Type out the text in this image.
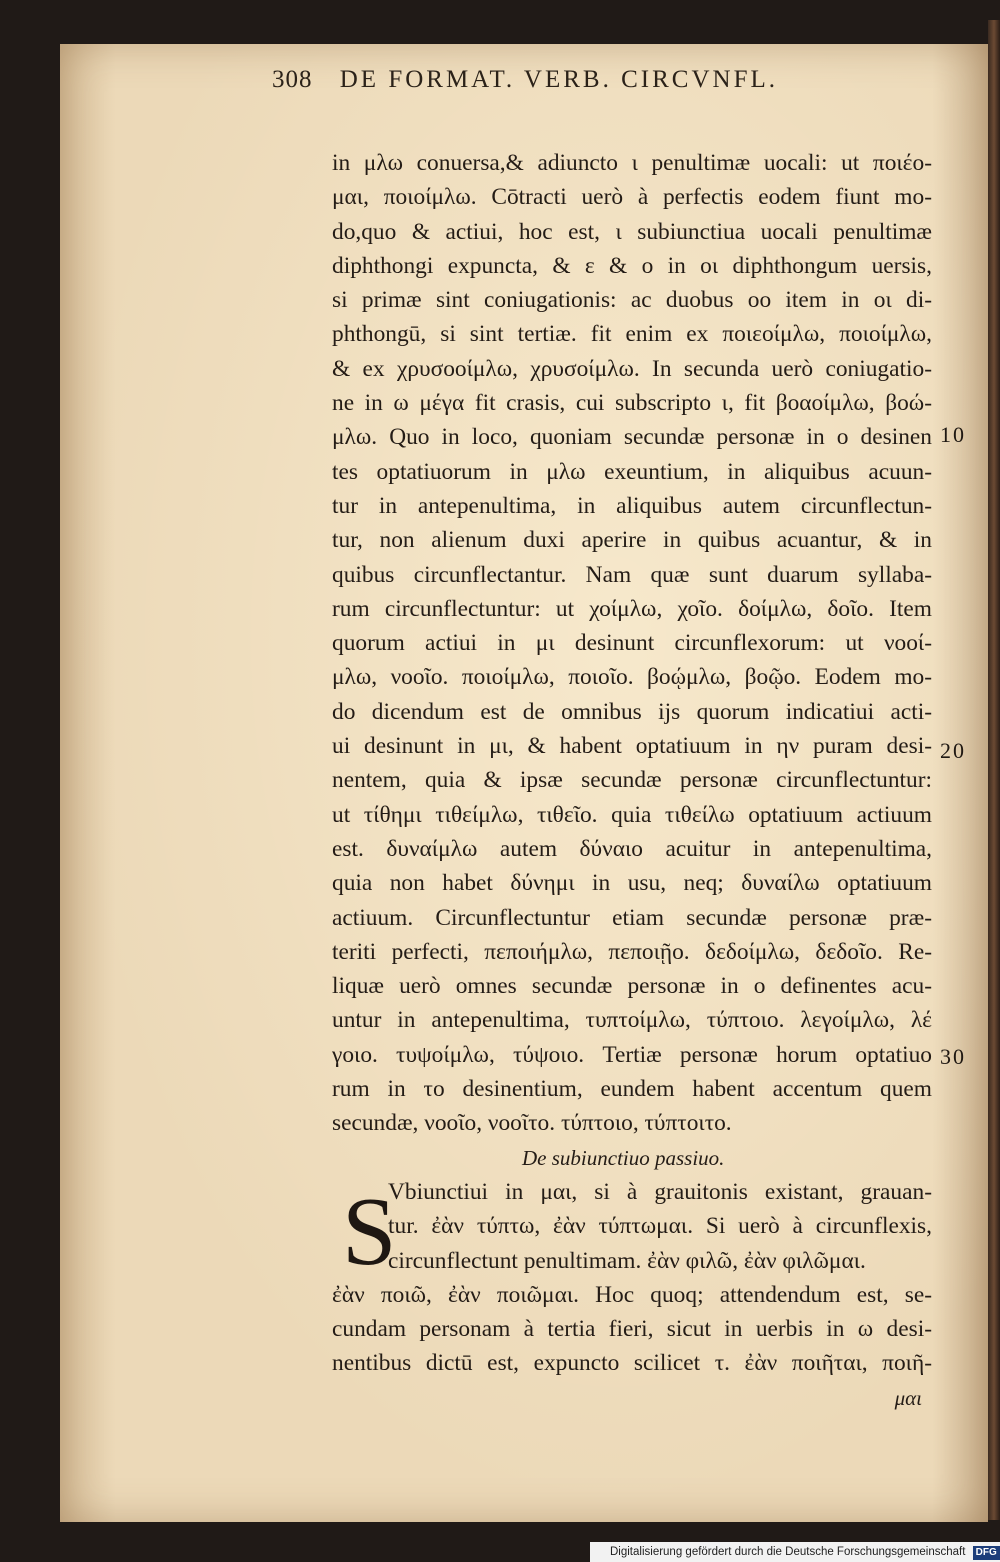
308 DE FORMAT. VERB. CIRCVNFL.
in μλω conuersa,& adiuncto ι penultimæ uocali: ut ποιέο-
μαι, ποιοίμλω. Cōtracti uerò à perfectis eodem fiunt mo-
do,quo & actiui, hoc est, ι subiunctiua uocali penultimæ
diphthongi expuncta, & ε & ο in οι diphthongum uersis,
si primæ sint coniugationis: ac duobus οο item in οι di-
phthongū, si sint tertiæ. fit enim ex ποιεοίμλω, ποιοίμλω,
& ex χρυσοοίμλω, χρυσοίμλω. In secunda uerò coniugatio-
ne in ω μέγα fit crasis, cui subscripto ι, fit βοαοίμλω, βοώ-
μλω. Quo in loco, quoniam secundæ personæ in ο desinen
tes optatiuorum in μλω exeuntium, in aliquibus acuun-
tur in antepenultima, in aliquibus autem circunflectun-
tur, non alienum duxi aperire in quibus acuantur, & in
quibus circunflectantur. Nam quæ sunt duarum syllaba-
rum circunflectuntur: ut χοίμλω, χοῖο. δοίμλω, δοῖο. Item
quorum actiui in μι desinunt circunflexorum: ut νοοί-
μλω, νοοῖο. ποιοίμλω, ποιοῖο. βοῴμλω, βοῷο. Eodem mo-
do dicendum est de omnibus ijs quorum indicatiui acti-
ui desinunt in μι, & habent optatiuum in ην puram desi-
nentem, quia & ipsæ secundæ personæ circunflectuntur:
ut τίθημι τιθείμλω, τιθεῖο. quia τιθείλω optatiuum actiuum
est. δυναίμλω autem δύναιο acuitur in antepenultima,
quia non habet δύνημι in usu, neq; δυναίλω optatiuum
actiuum. Circunflectuntur etiam secundæ personæ præ-
teriti perfecti, πεποιήμλω, πεποιῇο. δεδοίμλω, δεδοῖο. Re-
liquæ uerò omnes secundæ personæ in ο definentes acu-
untur in antepenultima, τυπτοίμλω, τύπτοιο. λεγοίμλω, λέ
γοιο. τυψοίμλω, τύψοιο. Tertiæ personæ horum optatiuo
rum in το desinentium, eundem habent accentum quem
secundæ, νοοῖο, νοοῖτο. τύπτοιο, τύπτοιτο.
De subiunctiuo passiuo.
S
Vbiunctiui in μαι, si à grauitonis existant, grauan-
tur. ἐὰν τύπτω, ἐὰν τύπτωμαι. Si uerò à circunflexis,
circunflectunt penultimam. ἐὰν φιλῶ, ἐὰν φιλῶμαι.
ἐὰν ποιῶ, ἐὰν ποιῶμαι. Hoc quoq; attendendum est, se-
cundam personam à tertia fieri, sicut in uerbis in ω desi-
nentibus dictū est, expuncto scilicet τ. ἐὰν ποιῆται, ποιῆ-
μαι
10
20
30
Digitalisierung gefördert durch die Deutsche Forschungsgemeinschaft DFG
